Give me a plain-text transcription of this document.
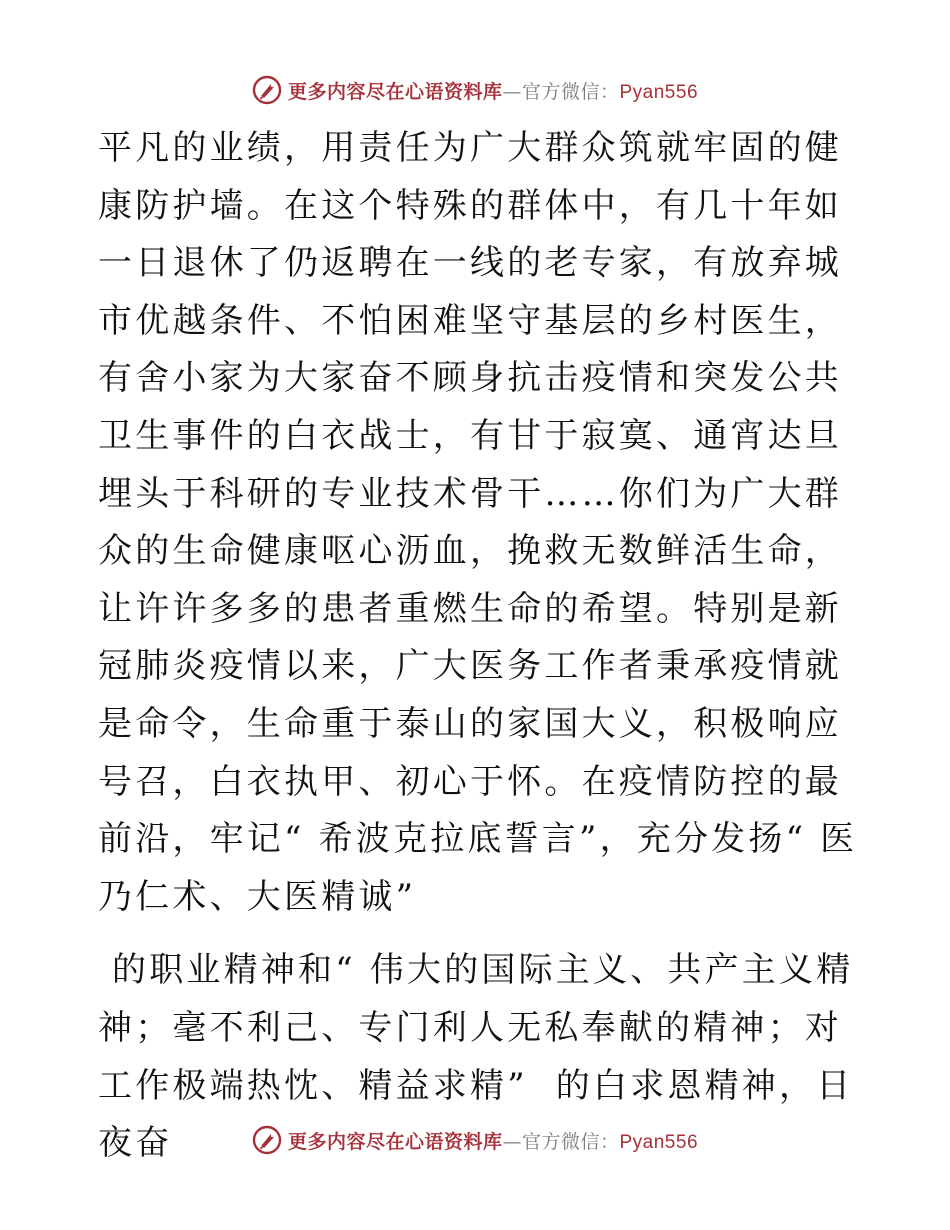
更多内容尽在心语资料库 — 官方微信： Pyan556

平凡的业绩，用责任为广大群众筑就牢固的健康防护墙。在这个特殊的群体中，有几十年如一日退休了仍返聘在一线的老专家，有放弃城市优越条件、不怕困难坚守基层的乡村医生，有舍小家为大家奋不顾身抗击疫情和突发公共卫生事件的白衣战士，有甘于寂寞、通宵达旦埋头于科研的专业技术骨干……你们为广大群众的生命健康呕心沥血，挽救无数鲜活生命，让许许多多的患者重燃生命的希望。特别是新冠肺炎疫情以来，广大医务工作者秉承疫情就是命令，生命重于泰山的家国大义，积极响应号召，白衣执甲、初心于怀。在疫情防控的最前沿，牢记“ 希波克拉底誓言”，充分发扬“ 医乃仁术、大医精诚”

的职业精神和“ 伟大的国际主义、共产主义精神；毫不利己、专门利人无私奉献的精神；对工作极端热忱、精益求精”  的白求恩精神，日夜奋	更多内容尽在心语资料库 — 官方微信： Pyan556
